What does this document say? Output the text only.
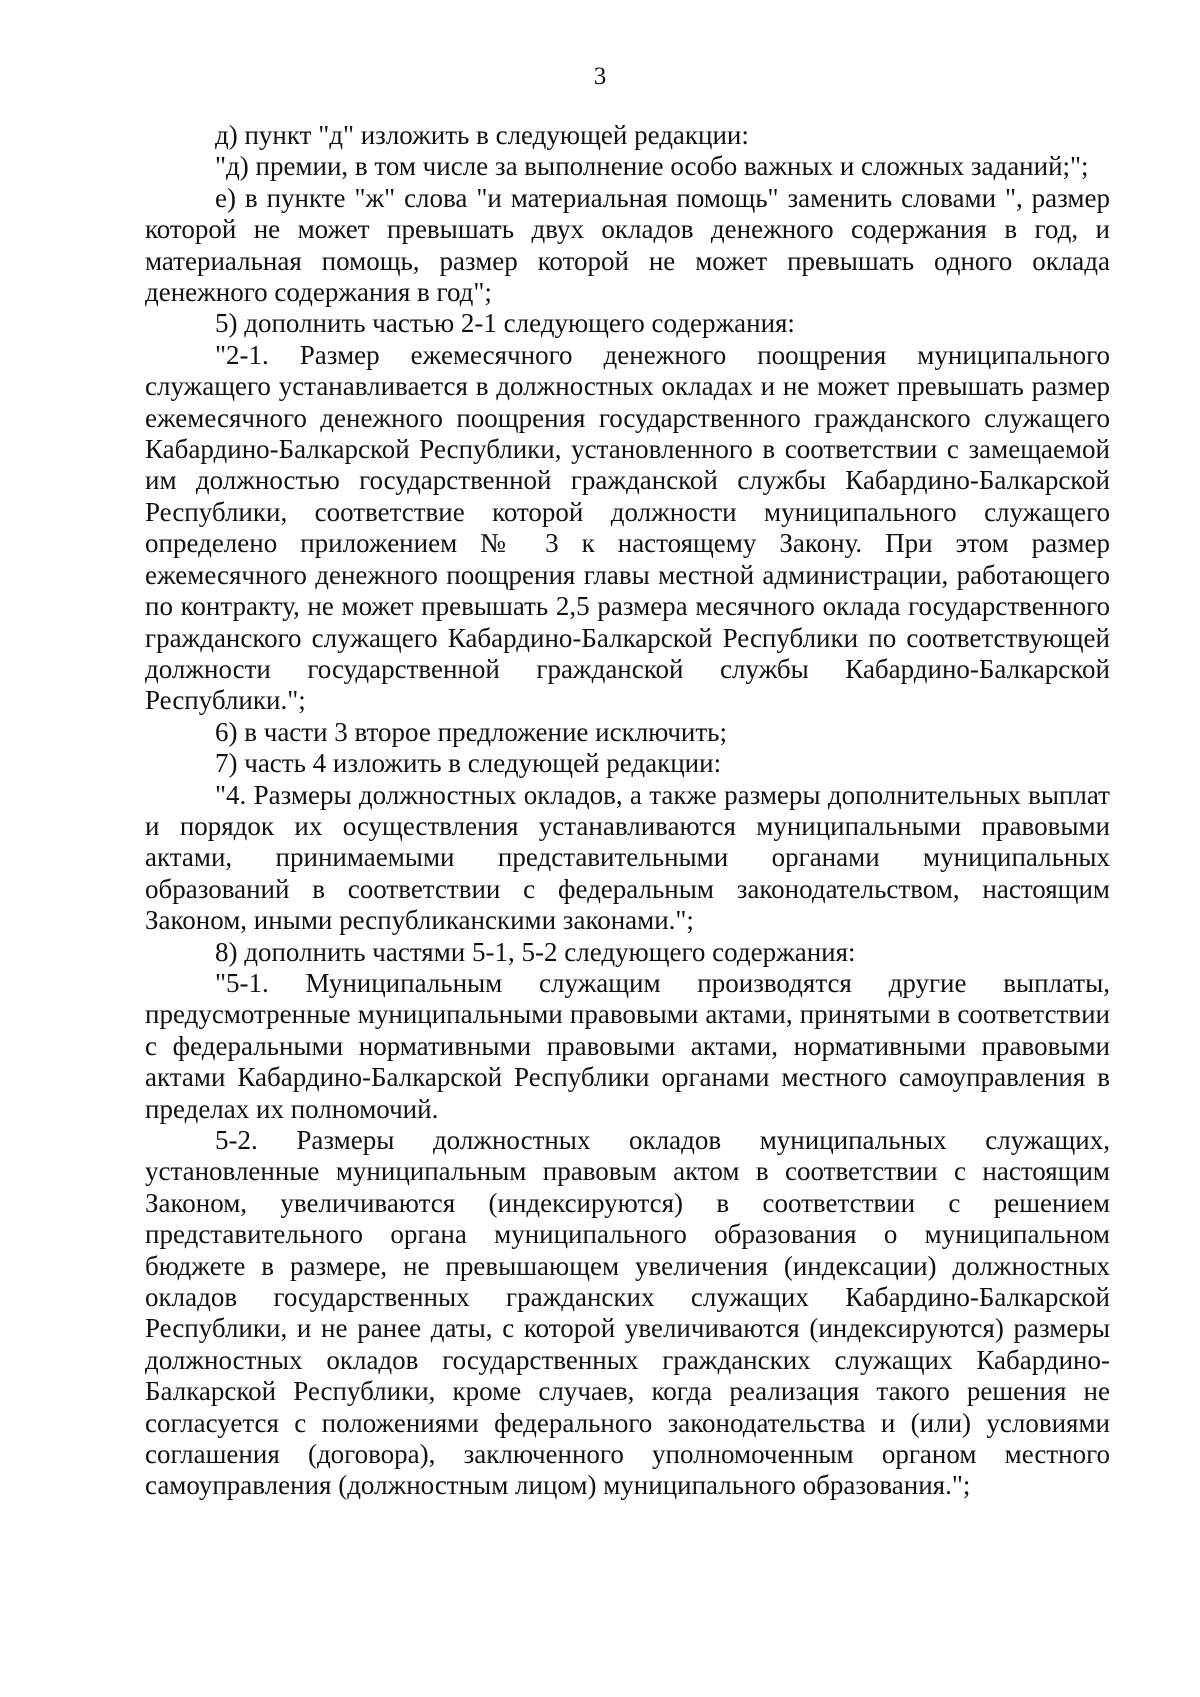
3

д) пункт "д" изложить в следующей редакции:

"д) премии, в том числе за выполнение особо важных и сложных заданий;";

е) в пункте "ж" слова "и материальная помощь" заменить словами ", размер которой не может превышать двух окладов денежного содержания в год, и материальная помощь, размер которой не может превышать одного оклада денежного содержания в год";

5) дополнить частью 2-1 следующего содержания:

"2-1. Размер ежемесячного денежного поощрения муниципального служащего устанавливается в должностных окладах и не может превышать размер ежемесячного денежного поощрения государственного гражданского служащего Кабардино-Балкарской Республики, установленного в соответствии с замещаемой им должностью государственной гражданской службы Кабардино-Балкарской Республики, соответствие которой должности муниципального служащего определено приложением № 3 к настоящему Закону. При этом размер ежемесячного денежного поощрения главы местной администрации, работающего по контракту, не может превышать 2,5 размера месячного оклада государственного гражданского служащего Кабардино-Балкарской Республики по соответствующей должности государственной гражданской службы Кабардино-Балкарской Республики.";

6) в части 3 второе предложение исключить;

7) часть 4 изложить в следующей редакции:

"4. Размеры должностных окладов, а также размеры дополнительных выплат и порядок их осуществления устанавливаются муниципальными правовыми актами, принимаемыми представительными органами муниципальных образований в соответствии с федеральным законодательством, настоящим Законом, иными республиканскими законами.";

8) дополнить частями 5-1, 5-2 следующего содержания:

"5-1. Муниципальным служащим производятся другие выплаты, предусмотренные муниципальными правовыми актами, принятыми в соответствии с федеральными нормативными правовыми актами, нормативными правовыми актами Кабардино-Балкарской Республики органами местного самоуправления в пределах их полномочий.

5-2. Размеры должностных окладов муниципальных служащих, установленные муниципальным правовым актом в соответствии с настоящим Законом, увеличиваются (индексируются) в соответствии с решением представительного органа муниципального образования о муниципальном бюджете в размере, не превышающем увеличения (индексации) должностных окладов государственных гражданских служащих Кабардино-Балкарской Республики, и не ранее даты, с которой увеличиваются (индексируются) размеры должностных окладов государственных гражданских служащих Кабардино-Балкарской Республики, кроме случаев, когда реализация такого решения не согласуется с положениями федерального законодательства и (или) условиями соглашения (договора), заключенного уполномоченным органом местного самоуправления (должностным лицом) муниципального образования.";
